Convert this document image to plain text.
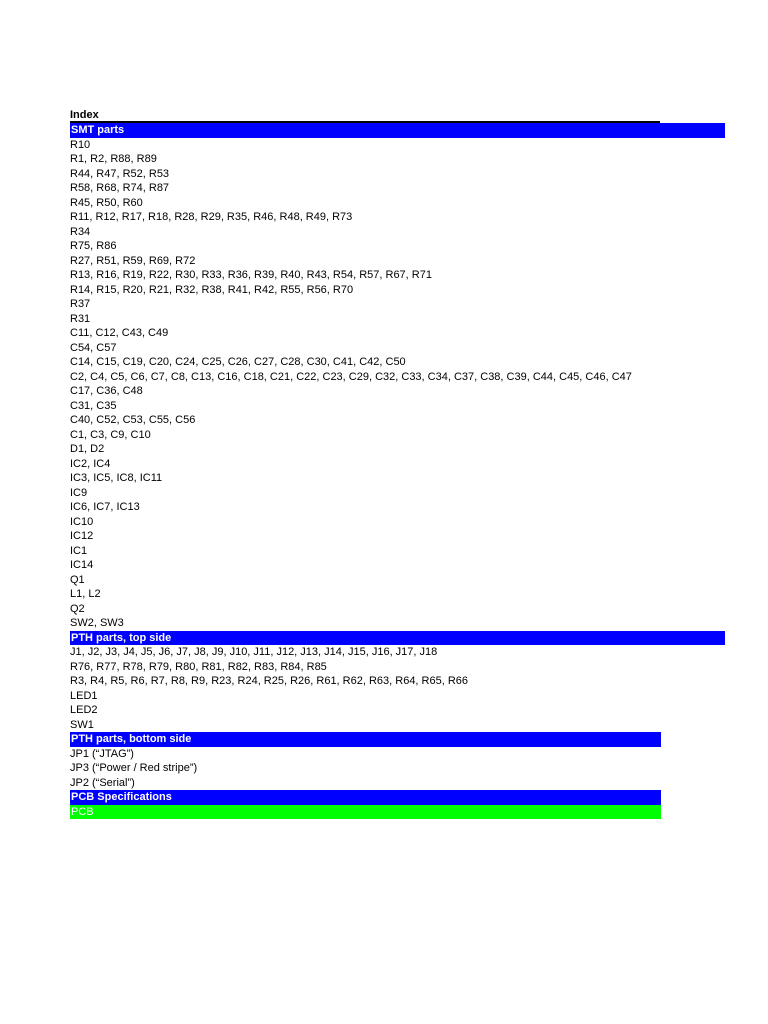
Index
SMT parts
R10
R1, R2, R88, R89
R44, R47, R52, R53
R58, R68, R74, R87
R45, R50, R60
R11, R12, R17, R18, R28, R29, R35, R46, R48, R49, R73
R34
R75, R86
R27, R51, R59, R69, R72
R13, R16, R19, R22, R30, R33, R36, R39, R40, R43, R54, R57, R67, R71
R14, R15, R20, R21, R32, R38, R41, R42, R55, R56, R70
R37
R31
C11, C12, C43, C49
C54, C57
C14, C15, C19, C20, C24, C25, C26, C27, C28, C30, C41, C42, C50
C2, C4, C5, C6, C7, C8, C13, C16, C18, C21, C22, C23, C29, C32, C33, C34, C37, C38, C39, C44, C45, C46, C47
C17, C36, C48
C31, C35
C40, C52, C53, C55, C56
C1, C3, C9, C10
D1, D2
IC2, IC4
IC3, IC5, IC8, IC11
IC9
IC6, IC7, IC13
IC10
IC12
IC1
IC14
Q1
L1, L2
Q2
SW2, SW3
PTH parts, top side
J1, J2, J3, J4, J5, J6, J7, J8, J9, J10, J11, J12, J13, J14, J15, J16, J17, J18
R76, R77, R78, R79, R80, R81, R82, R83, R84, R85
R3, R4, R5, R6, R7, R8, R9, R23, R24, R25, R26, R61, R62, R63, R64, R65, R66
LED1
LED2
SW1
PTH parts, bottom side
JP1 (“JTAG”)
JP3 (“Power / Red stripe”)
JP2 (“Serial”)
PCB Specifications
PCB
